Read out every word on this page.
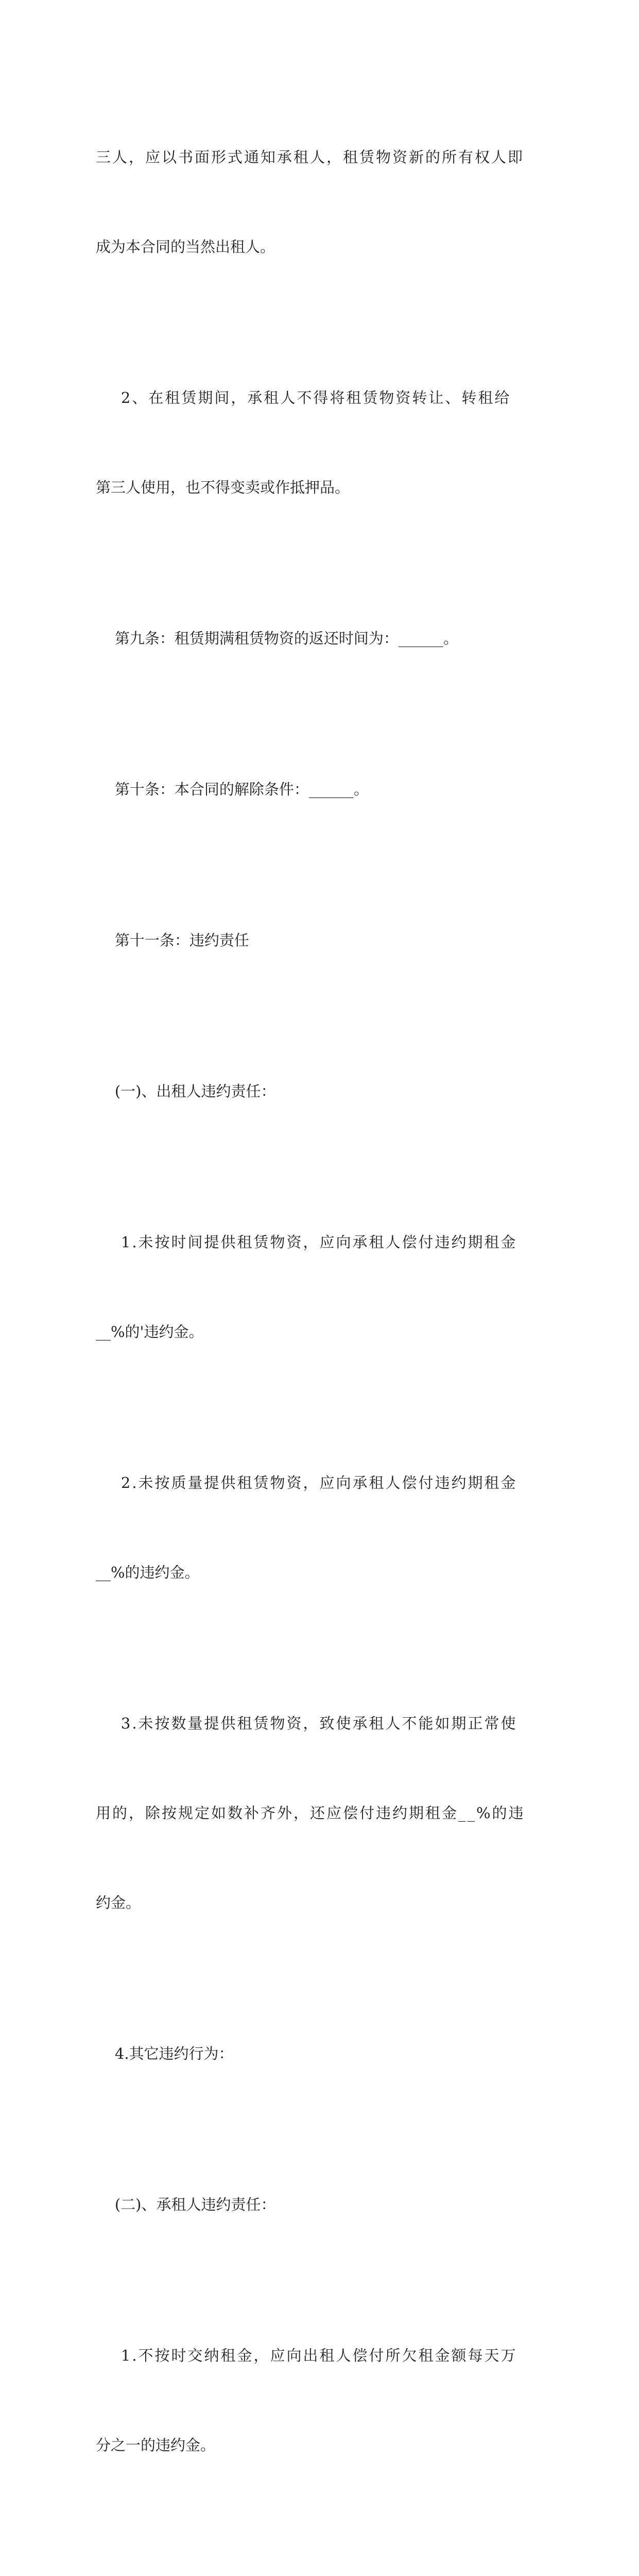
三人，应以书面形式通知承租人，租赁物资新的所有权人即

成为本合同的当然出租人。

2、在租赁期间，承租人不得将租赁物资转让、转租给

第三人使用，也不得变卖或作抵押品。

第九条：租赁期满租赁物资的返还时间为：______。

第十条：本合同的解除条件：______。

第十一条：违约责任

(一)、出租人违约责任：

1.未按时间提供租赁物资，应向承租人偿付违约期租金

__%的'违约金。

2.未按质量提供租赁物资，应向承租人偿付违约期租金

__%的违约金。

3.未按数量提供租赁物资，致使承租人不能如期正常使

用的，除按规定如数补齐外，还应偿付违约期租金__%的违

约金。

4.其它违约行为：

(二)、承租人违约责任：

1.不按时交纳租金，应向出租人偿付所欠租金额每天万

分之一的违约金。
